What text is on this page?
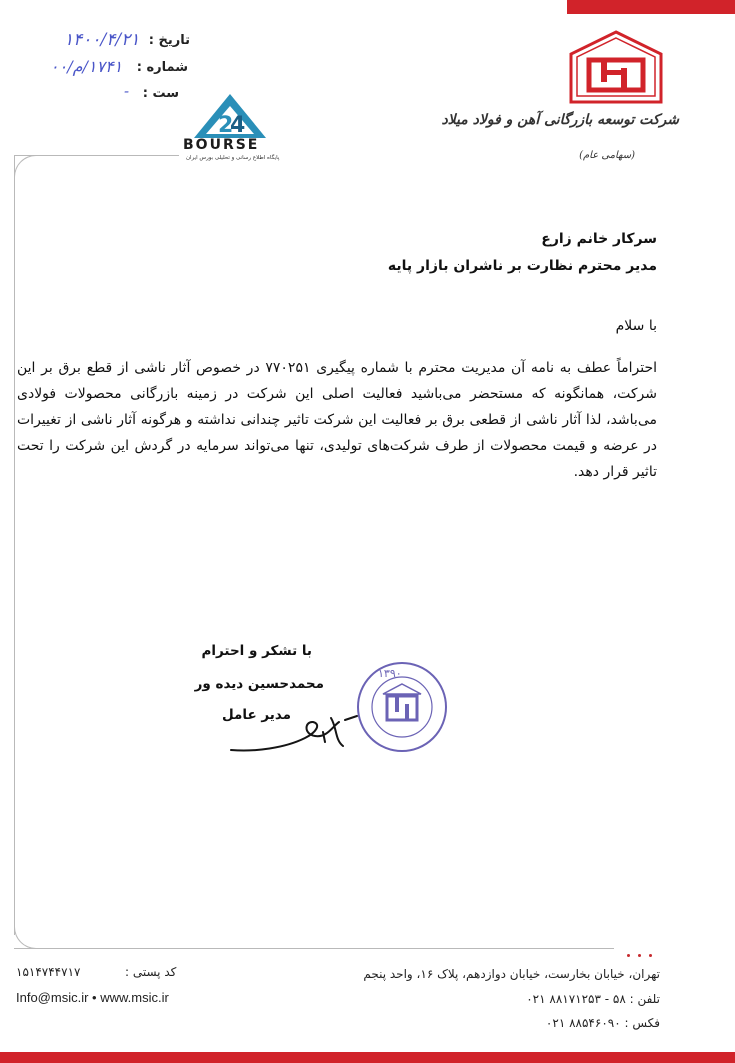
تاریخ :
۱۴۰۰/۴/۲۱
شماره :
۱۷۴۱/م/۰۰
ست :
-
2
4
BOURSE
پایگاه اطلاع رسانی و تحلیلی بورس ایران
شرکت توسعه بازرگانی آهن و فولاد میلاد
(سهامی عام)
سرکار خانم زارع
مدیر محترم نظارت بر ناشران بازار پایه
با سلام
احتراماً عطف به نامه آن مدیریت محترم با شماره پیگیری ۷۷۰۲۵۱ در خصوص آثار ناشی از قطع برق بر این شرکت، همانگونه که مستحضر می‌باشید فعالیت اصلی این شرکت در زمینه بازرگانی محصولات فولادی می‌باشد، لذا آثار ناشی از قطعی برق بر فعالیت این شرکت تاثیر چندانی نداشته و هرگونه آثار ناشی از تغییرات در عرضه و قیمت محصولات از طرف شرکت‌های تولیدی، تنها می‌تواند سرمایه در گردش این شرکت را تحت تاثیر قرار دهد.
با تشکر و احترام
محمدحسین دیده ور
مدیر عامل
۱۳۹۰
تهران، خیابان بخارست، خیابان دوازدهم، پلاک ۱۶، واحد پنجم
تلفن : ۵۸ - ۸۸۱۷۱۲۵۳ ۰۲۱
فکس : ۸۸۵۴۶۰۹۰ ۰۲۱
کد پستی :
۱۵۱۴۷۴۴۷۱۷
Info@msic.ir • www.msic.ir
